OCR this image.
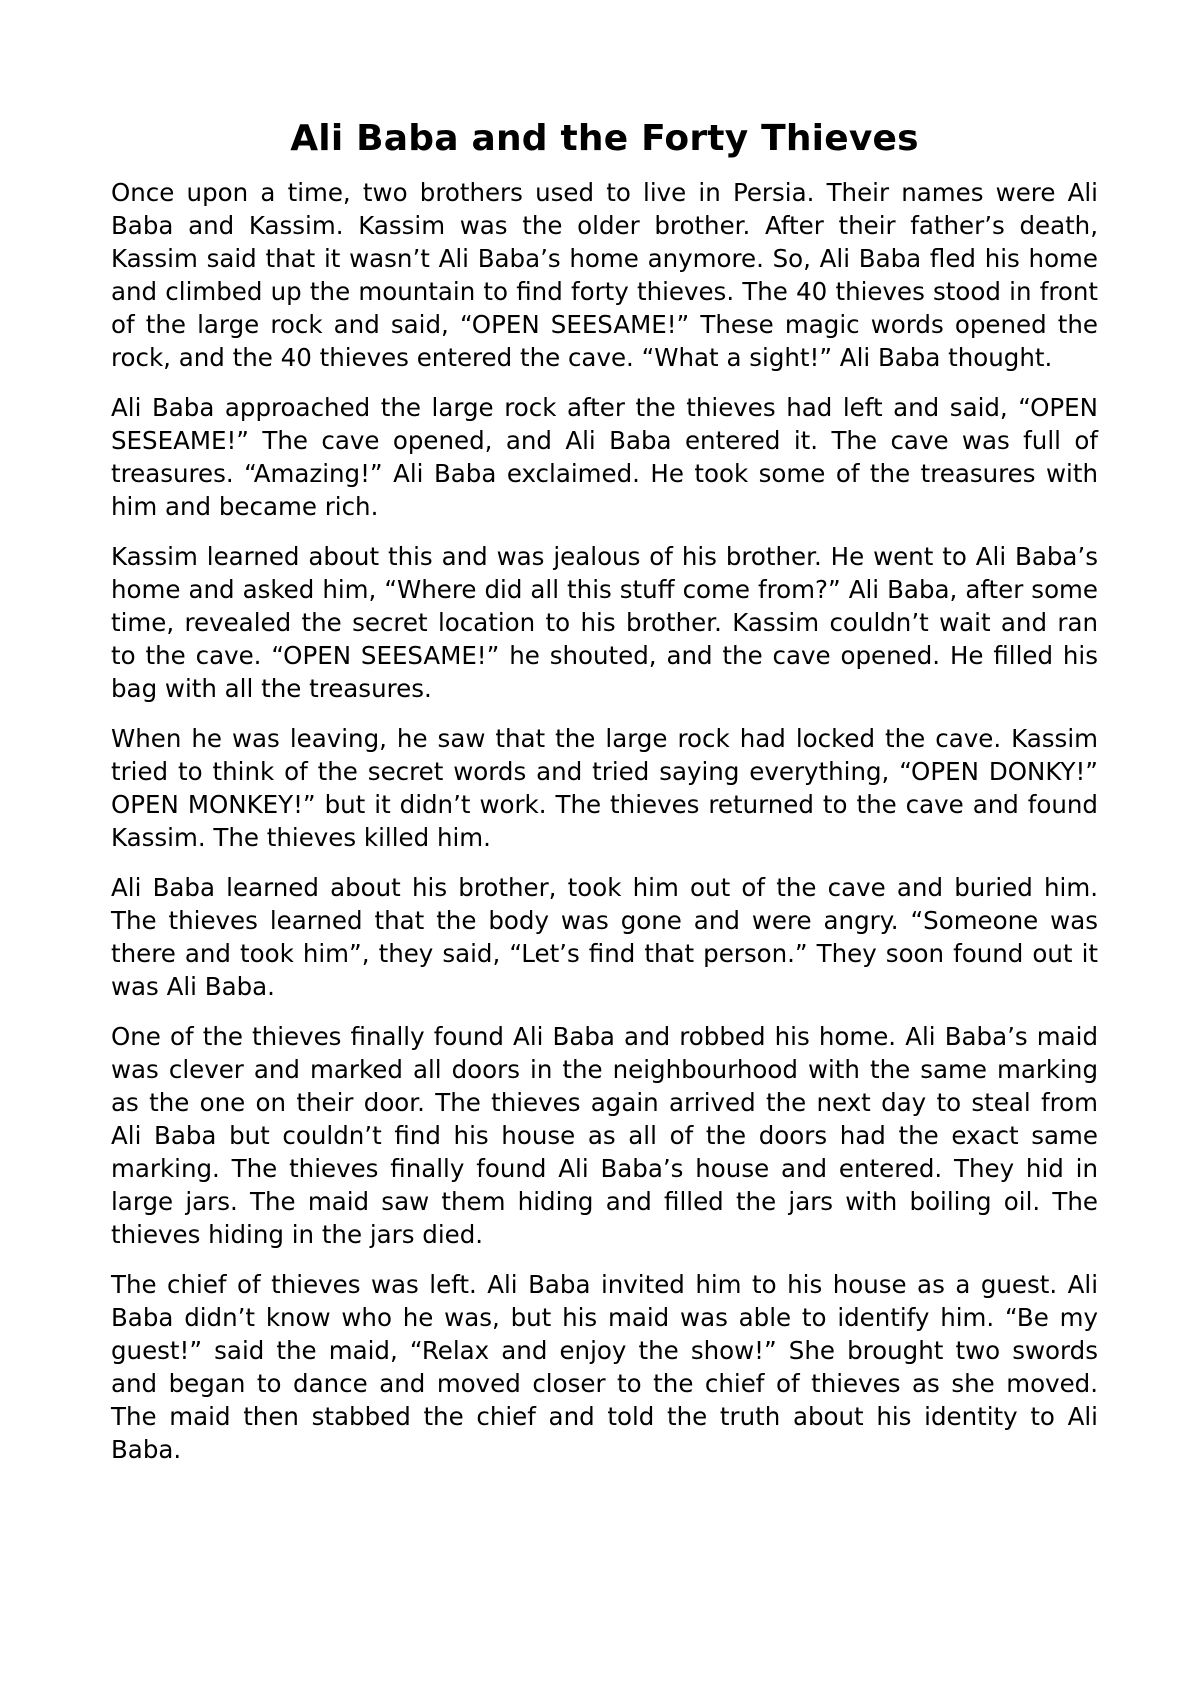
Ali Baba and the Forty Thieves

Once upon a time, two brothers used to live in Persia. Their names were Ali Baba and Kassim. Kassim was the older brother. After their father’s death, Kassim said that it wasn’t Ali Baba’s home anymore. So, Ali Baba fled his home and climbed up the mountain to find forty thieves. The 40 thieves stood in front of the large rock and said, “OPEN SEESAME!” These magic words opened the rock, and the 40 thieves entered the cave. “What a sight!” Ali Baba thought.

Ali Baba approached the large rock after the thieves had left and said, “OPEN SESEAME!” The cave opened, and Ali Baba entered it. The cave was full of treasures. “Amazing!” Ali Baba exclaimed. He took some of the treasures with him and became rich.

Kassim learned about this and was jealous of his brother. He went to Ali Baba’s home and asked him, “Where did all this stuff come from?” Ali Baba, after some time, revealed the secret location to his brother. Kassim couldn’t wait and ran to the cave. “OPEN SEESAME!” he shouted, and the cave opened. He filled his bag with all the treasures.

When he was leaving, he saw that the large rock had locked the cave. Kassim tried to think of the secret words and tried saying everything, “OPEN DONKY!” OPEN MONKEY!” but it didn’t work. The thieves returned to the cave and found Kassim. The thieves killed him.

Ali Baba learned about his brother, took him out of the cave and buried him. The thieves learned that the body was gone and were angry. “Someone was there and took him”, they said, “Let’s find that person.” They soon found out it was Ali Baba.

One of the thieves finally found Ali Baba and robbed his home. Ali Baba’s maid was clever and marked all doors in the neighbourhood with the same marking as the one on their door. The thieves again arrived the next day to steal from Ali Baba but couldn’t find his house as all of the doors had the exact same marking. The thieves finally found Ali Baba’s house and entered. They hid in large jars. The maid saw them hiding and filled the jars with boiling oil. The thieves hiding in the jars died.

The chief of thieves was left. Ali Baba invited him to his house as a guest. Ali Baba didn’t know who he was, but his maid was able to identify him. “Be my guest!” said the maid, “Relax and enjoy the show!” She brought two swords and began to dance and moved closer to the chief of thieves as she moved. The maid then stabbed the chief and told the truth about his identity to Ali Baba.
